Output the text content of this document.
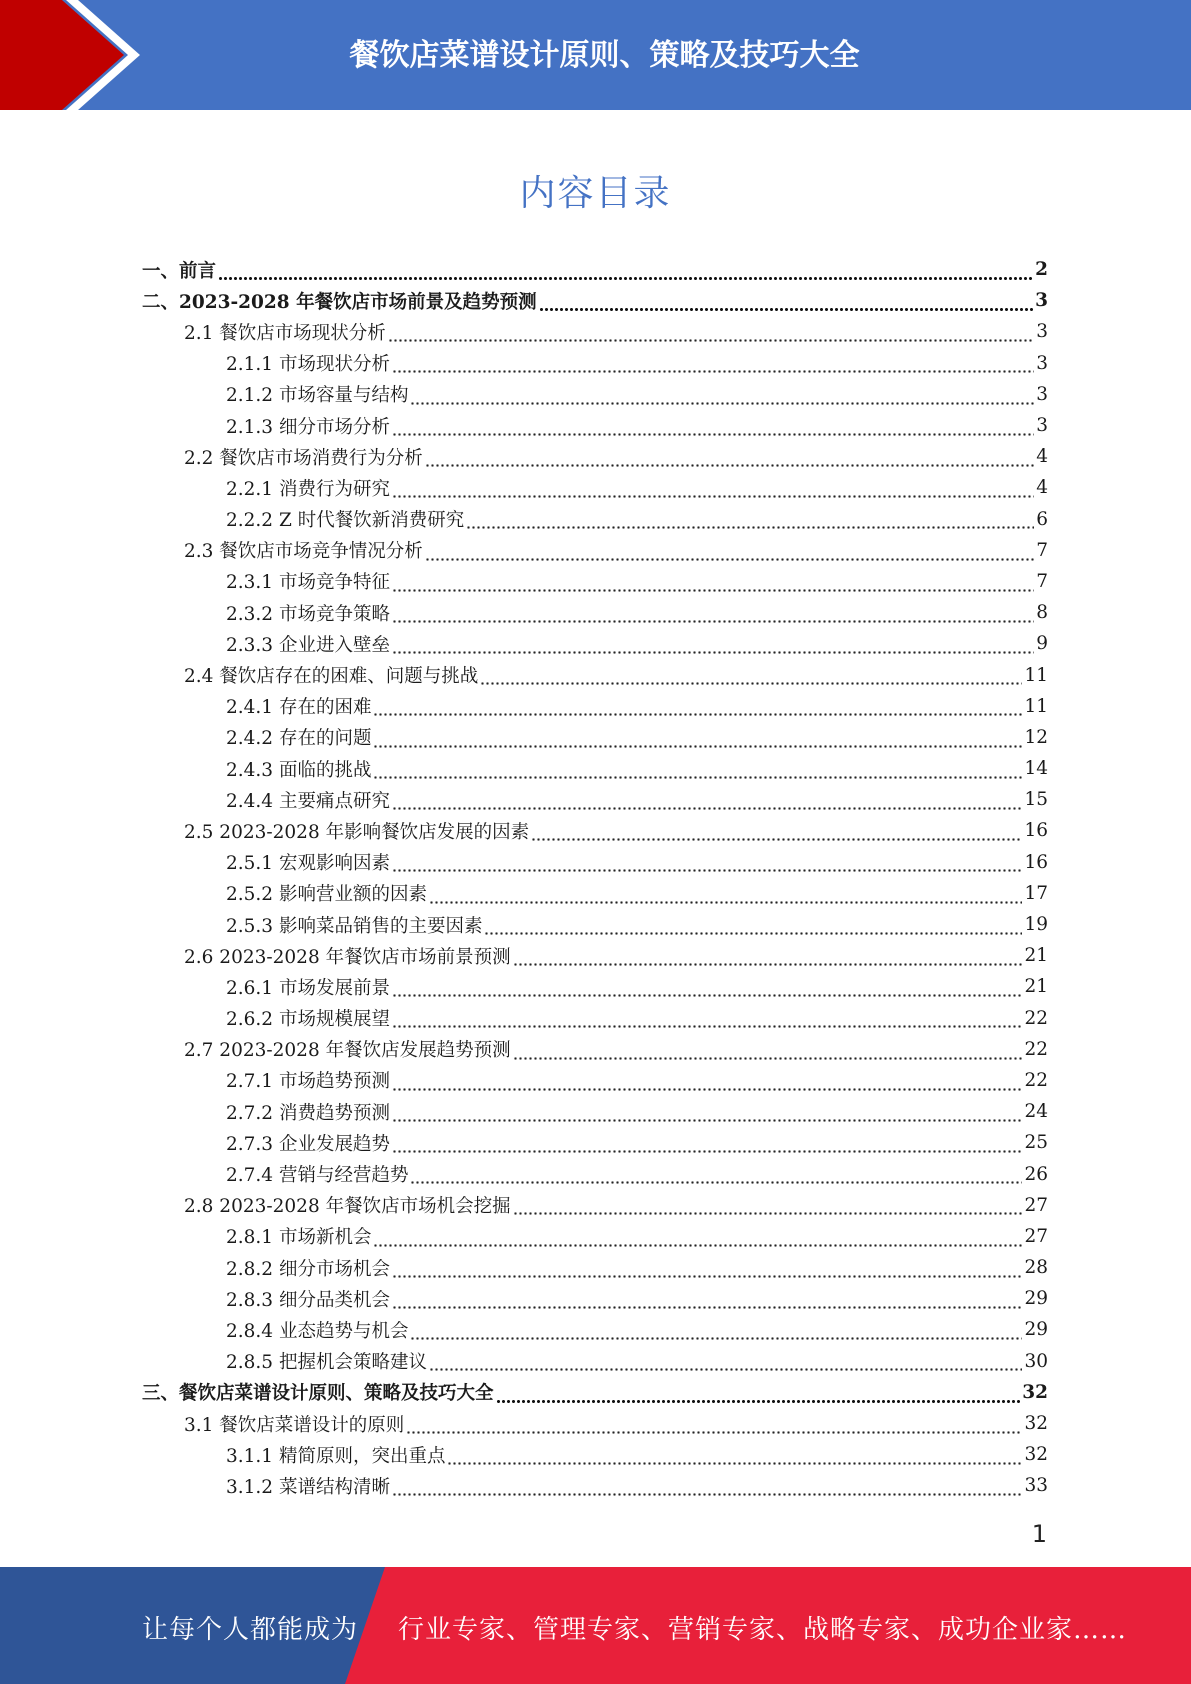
餐饮店菜谱设计原则、策略及技巧大全
内容目录
一、前言	2
二、2023-2028 年餐饮店市场前景及趋势预测	3
2.1 餐饮店市场现状分析	3
2.1.1 市场现状分析	3
2.1.2 市场容量与结构	3
2.1.3 细分市场分析	3
2.2 餐饮店市场消费行为分析	4
2.2.1 消费行为研究	4
2.2.2 Z 时代餐饮新消费研究	6
2.3 餐饮店市场竞争情况分析	7
2.3.1 市场竞争特征	7
2.3.2 市场竞争策略	8
2.3.3 企业进入壁垒	9
2.4 餐饮店存在的困难、问题与挑战	11
2.4.1 存在的困难	11
2.4.2 存在的问题	12
2.4.3 面临的挑战	14
2.4.4 主要痛点研究	15
2.5 2023-2028 年影响餐饮店发展的因素	16
2.5.1 宏观影响因素	16
2.5.2 影响营业额的因素	17
2.5.3 影响菜品销售的主要因素	19
2.6 2023-2028 年餐饮店市场前景预测	21
2.6.1 市场发展前景	21
2.6.2 市场规模展望	22
2.7 2023-2028 年餐饮店发展趋势预测	22
2.7.1 市场趋势预测	22
2.7.2 消费趋势预测	24
2.7.3 企业发展趋势	25
2.7.4 营销与经营趋势	26
2.8 2023-2028 年餐饮店市场机会挖掘	27
2.8.1 市场新机会	27
2.8.2 细分市场机会	28
2.8.3 细分品类机会	29
2.8.4 业态趋势与机会	29
2.8.5 把握机会策略建议	30
三、餐饮店菜谱设计原则、策略及技巧大全	32
3.1 餐饮店菜谱设计的原则	32
3.1.1 精简原则，突出重点	32
3.1.2 菜谱结构清晰	33
1
让每个人都能成为 行业专家、管理专家、营销专家、战略专家、成功企业家……
